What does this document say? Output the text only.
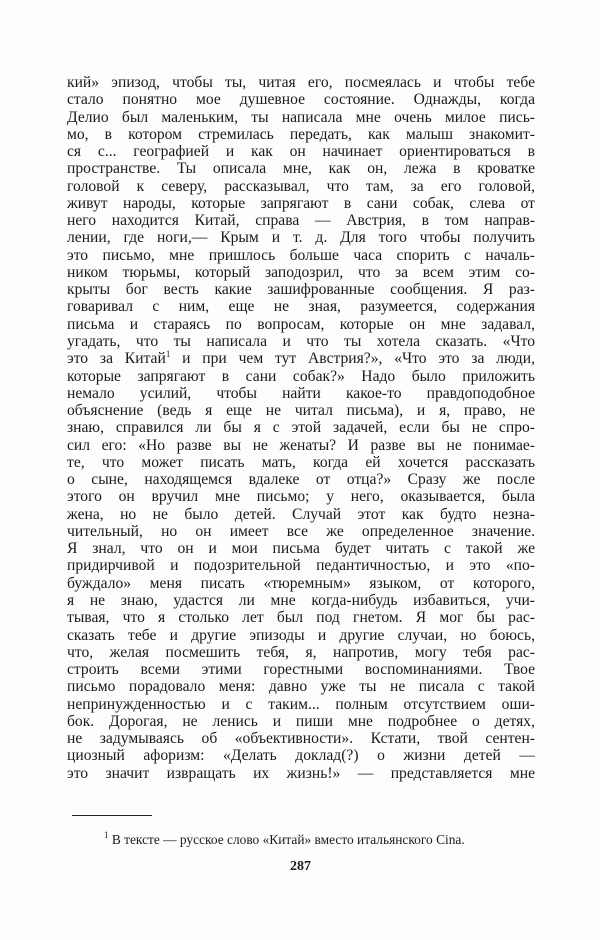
кий» эпизод, чтобы ты, читая его, посмеялась и чтобы тебе
стало понятно мое душевное состояние. Однажды, когда
Делио был маленьким, ты написала мне очень милое пись-
мо, в котором стремилась передать, как малыш знакомит-
ся с... географией и как он начинает ориентироваться в
пространстве. Ты описала мне, как он, лежа в кроватке
головой к северу, рассказывал, что там, за его головой,
живут народы, которые запрягают в сани собак, слева от
него находится Китай, справа — Австрия, в том направ-
лении, где ноги,— Крым и т. д. Для того чтобы получить
это письмо, мне пришлось больше часа спорить с началь-
ником тюрьмы, который заподозрил, что за всем этим со-
крыты бог весть какие зашифрованные сообщения. Я раз-
говаривал с ним, еще не зная, разумеется, содержания
письма и стараясь по вопросам, которые он мне задавал,
угадать, что ты написала и что ты хотела сказать. «Что
это за Китай$^1$ и при чем тут Австрия?», «Что это за люди,
которые запрягают в сани собак?» Надо было приложить
немало усилий, чтобы найти какое-то правдоподобное
объяснение (ведь я еще не читал письма), и я, право, не
знаю, справился ли бы я с этой задачей, если бы не спро-
сил его: «Но разве вы не женаты? И разве вы не понимае-
те, что может писать мать, когда ей хочется рассказать
о сыне, находящемся вдалеке от отца?» Сразу же после
этого он вручил мне письмо; у него, оказывается, была
жена, но не было детей. Случай этот как будто незна-
чительный, но он имеет все же определенное значение.
Я знал, что он и мои письма будет читать с такой же
придирчивой и подозрительной педантичностью, и это «по-
буждало» меня писать «тюремным» языком, от которого,
я не знаю, удастся ли мне когда-нибудь избавиться, учи-
тывая, что я столько лет был под гнетом. Я мог бы рас-
сказать тебе и другие эпизоды и другие случаи, но боюсь,
что, желая посмешить тебя, я, напротив, могу тебя рас-
строить всеми этими горестными воспоминаниями. Твое
письмо порадовало меня: давно уже ты не писала с такой
непринужденностью и с таким... полным отсутствием оши-
бок. Дорогая, не ленись и пиши мне подробнее о детях,
не задумываясь об «объективности». Кстати, твой сентен-
циозный афоризм: «Делать доклад(?) о жизни детей —
это значит извращать их жизнь!» — представляется мне
$^1$ В тексте — русское слово «Китай» вместо итальянского Cina.
287
